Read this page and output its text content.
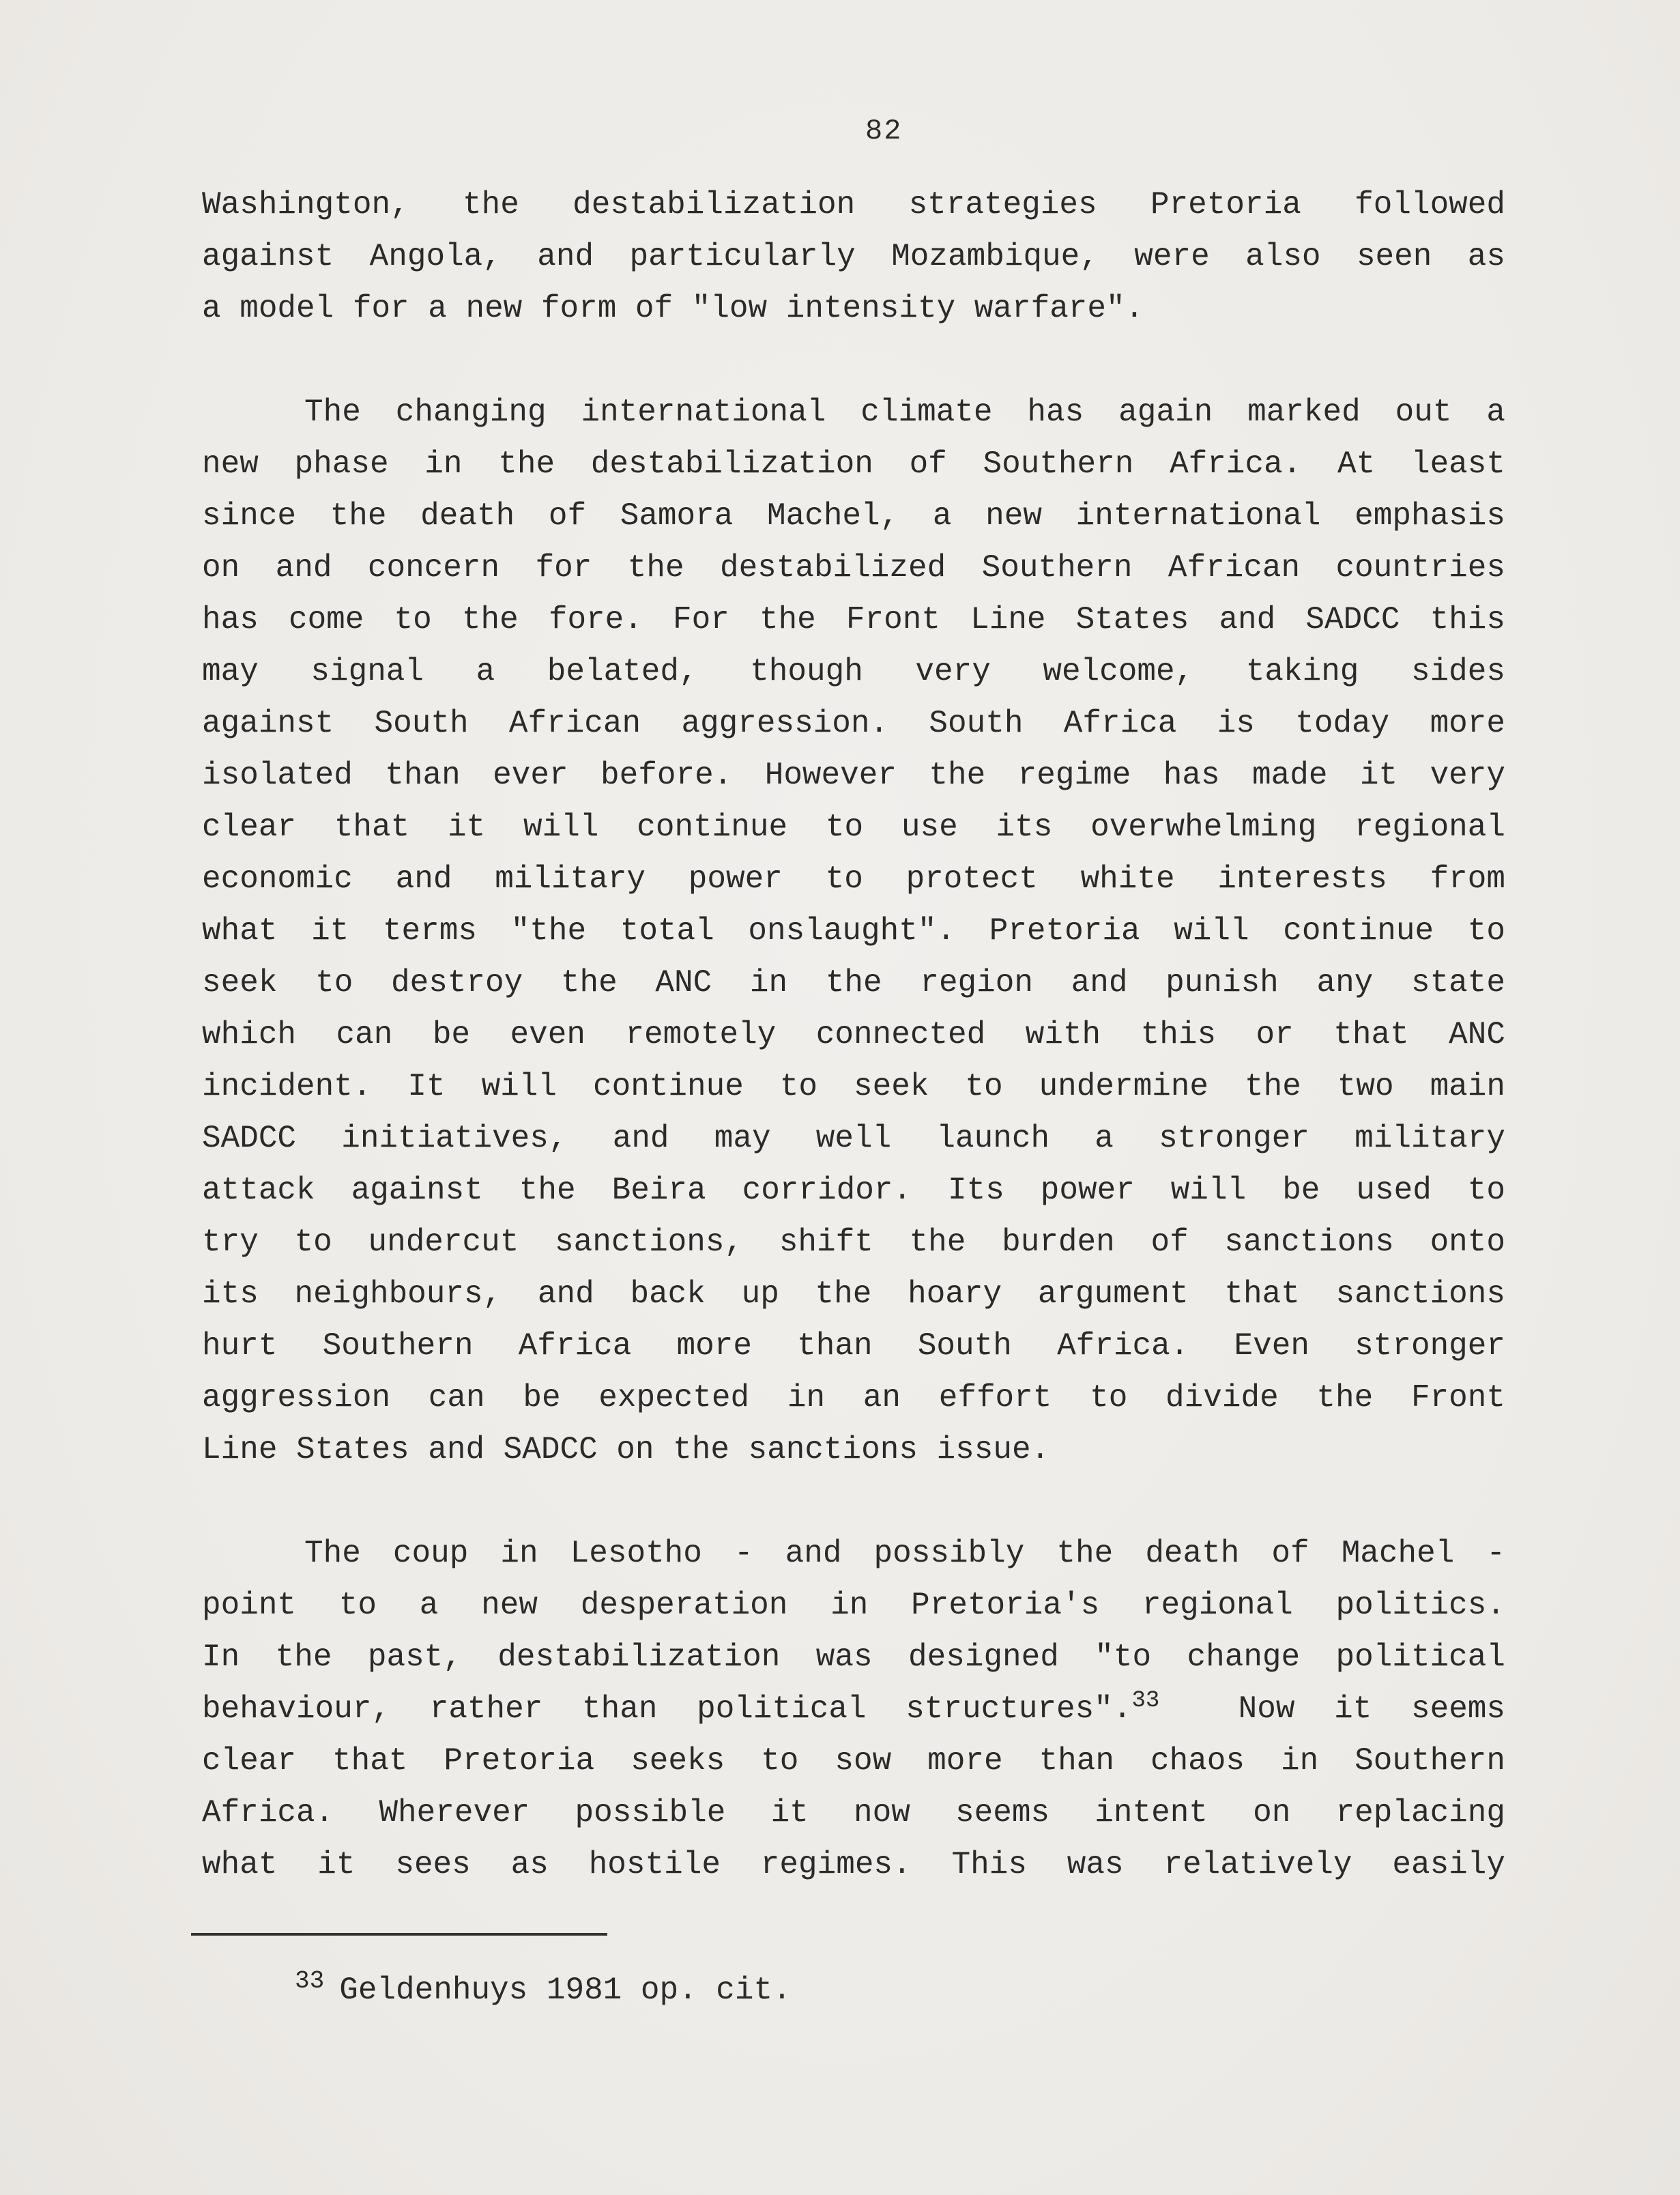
82

Washington, the destabilization strategies Pretoria followed
against Angola, and particularly Mozambique, were also seen as
a model for a new form of "low intensity warfare".

The changing international climate has again marked out a
new phase in the destabilization of Southern Africa. At least
since the death of Samora Machel, a new international emphasis
on and concern for the destabilized Southern African countries
has come to the fore. For the Front Line States and SADCC this
may signal a belated, though very welcome, taking sides
against South African aggression. South Africa is today more
isolated than ever before. However the regime has made it very
clear that it will continue to use its overwhelming regional
economic and military power to protect white interests from
what it terms "the total onslaught". Pretoria will continue to
seek to destroy the ANC in the region and punish any state
which can be even remotely connected with this or that ANC
incident. It will continue to seek to undermine the two main
SADCC initiatives, and may well launch a stronger military
attack against the Beira corridor. Its power will be used to
try to undercut sanctions, shift the burden of sanctions onto
its neighbours, and back up the hoary argument that sanctions
hurt Southern Africa more than South Africa. Even stronger
aggression can be expected in an effort to divide the Front
Line States and SADCC on the sanctions issue.

The coup in Lesotho - and possibly the death of Machel -
point to a new desperation in Pretoria's regional politics.
In the past, destabilization was designed "to change political
behaviour, rather than political structures".$^{33}$  Now it seems
clear that Pretoria seeks to sow more than chaos in Southern
Africa. Wherever possible it now seems intent on replacing
what it sees as hostile regimes. This was relatively easily

$^{33}$ Geldenhuys 1981 op. cit.
